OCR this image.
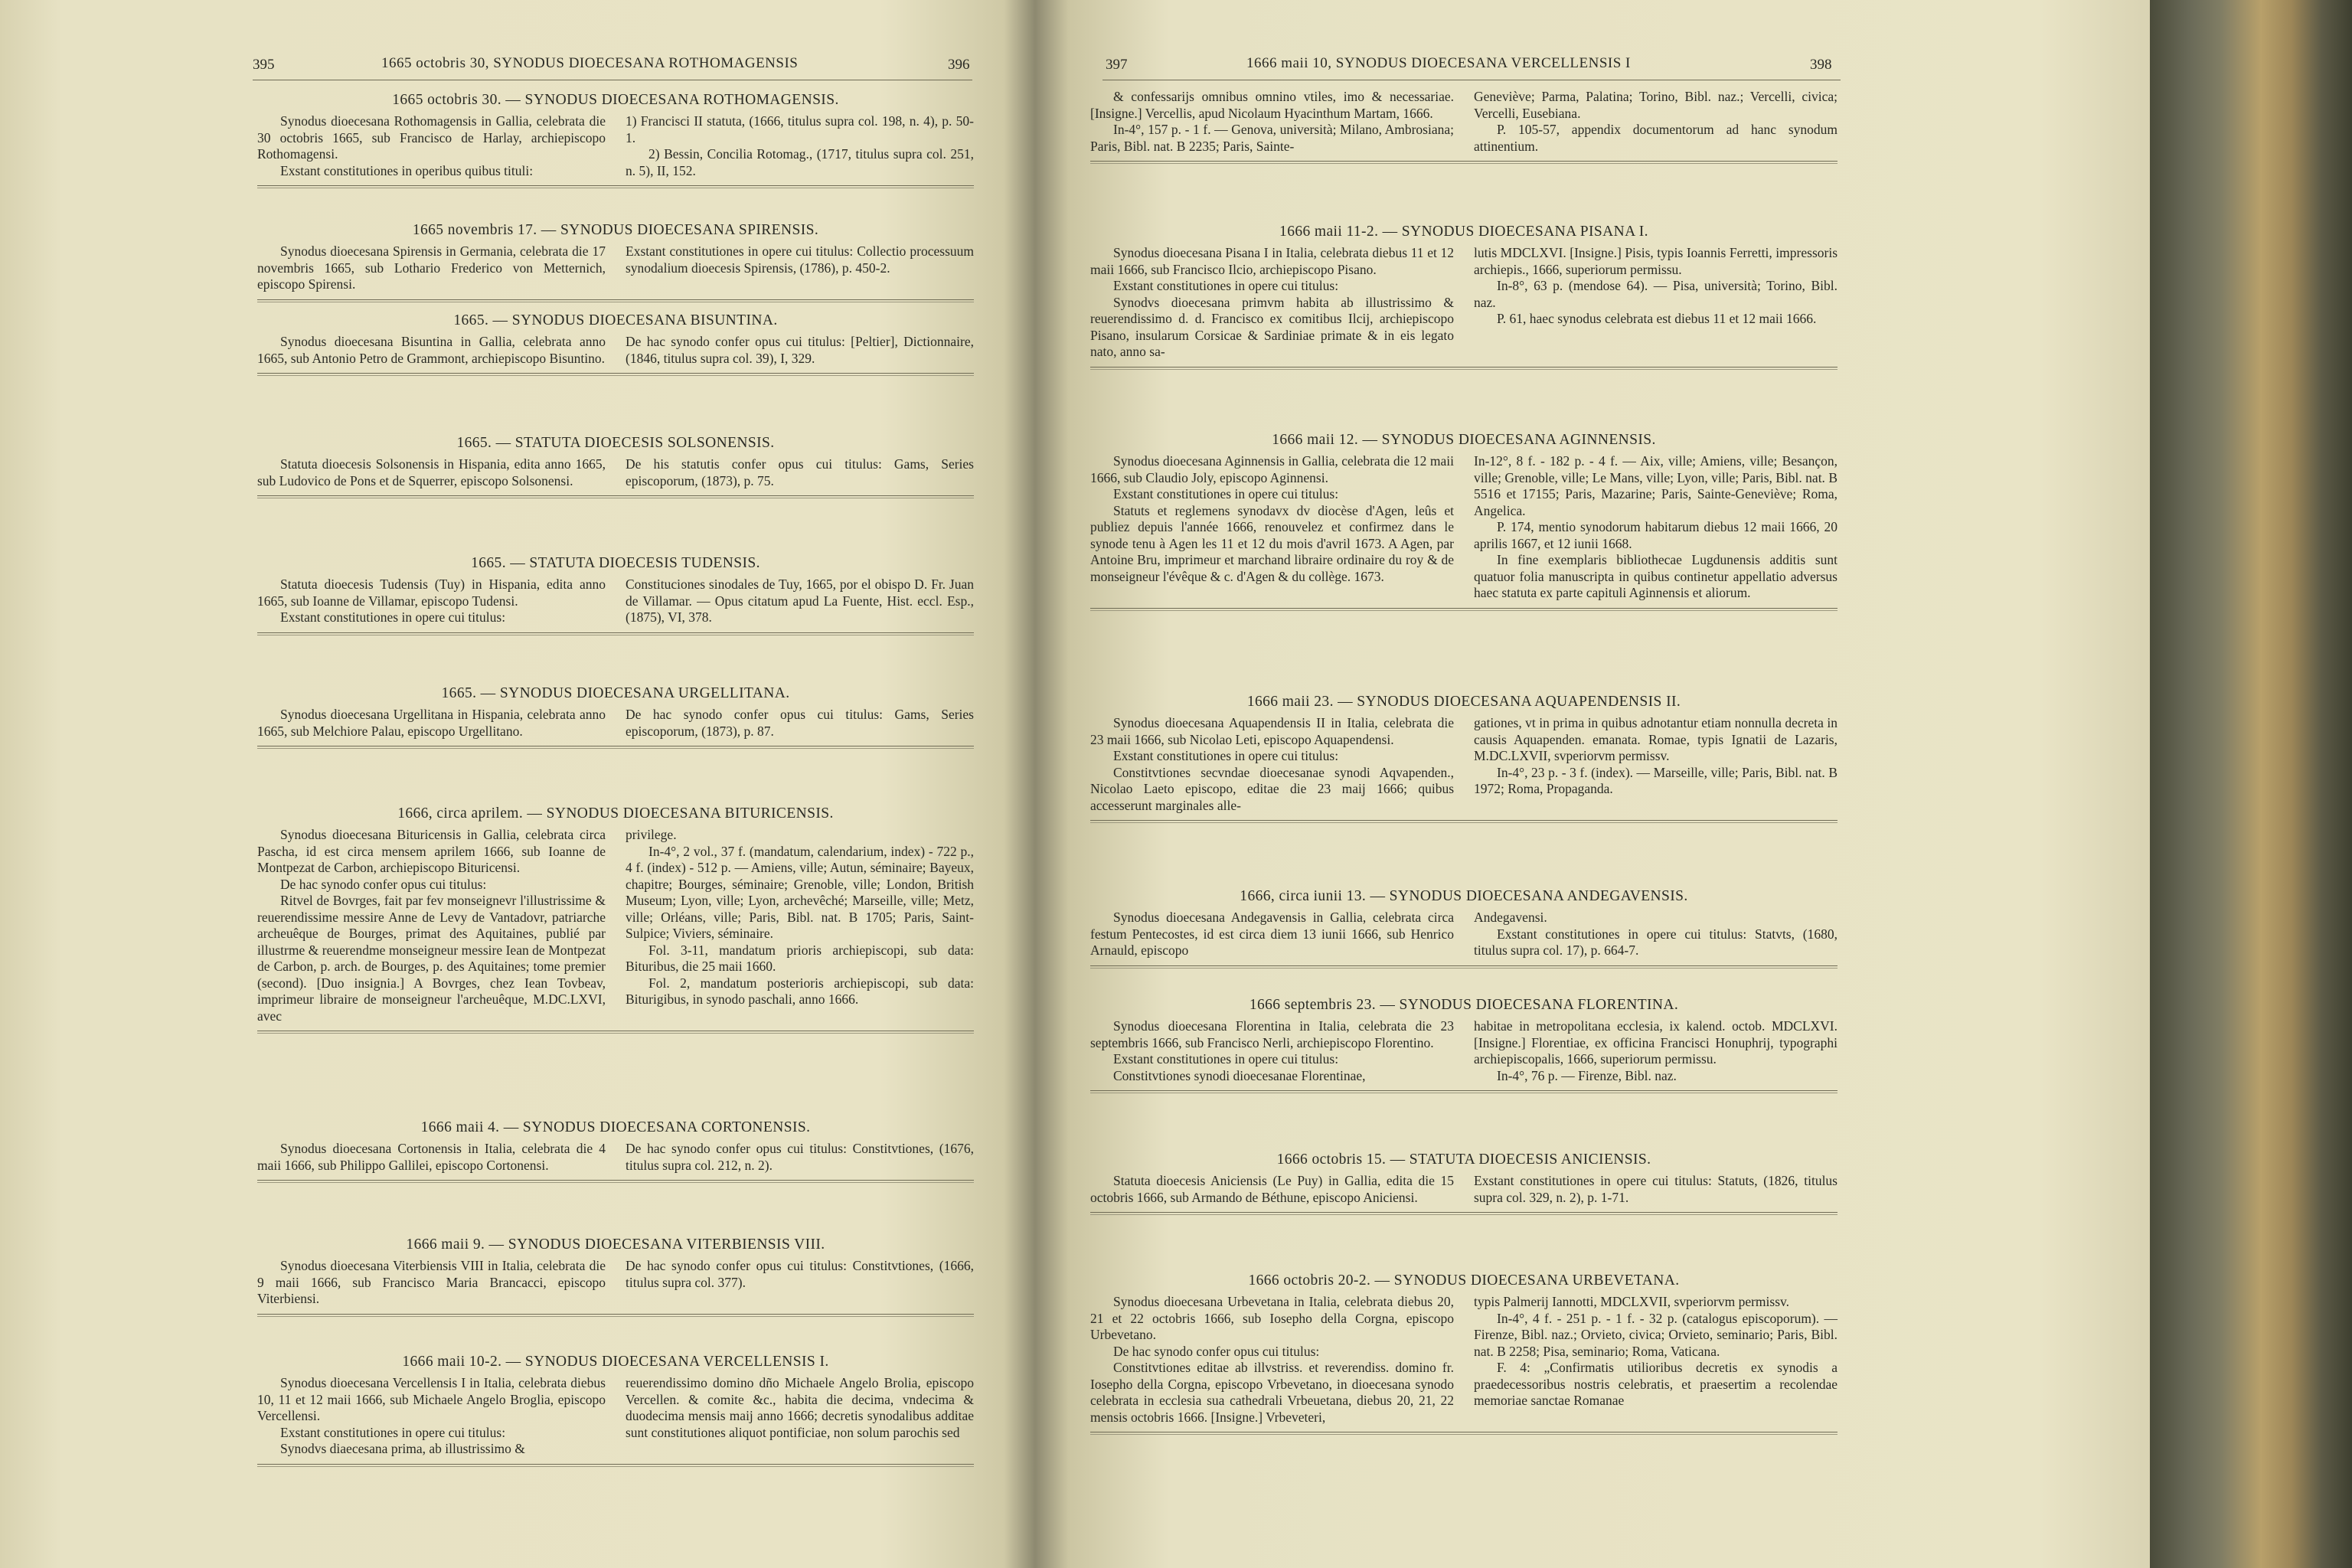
395	1665 octobris 30, SYNODUS DIOECESANA ROTHOMAGENSIS	396
1665 octobris 30. — SYNODUS DIOECESANA ROTHOMAGENSIS.

Synodus dioecesana Rothomagensis in Gallia, celebrata die 30 octobris 1665, sub Francisco de Harlay, archiepiscopo Rothomagensi.

Exstant constitutiones in operibus quibus tituli:

1) Francisci II statuta, (1666, titulus supra col. 198, n. 4), p. 50-1.

2) Bessin, Concilia Rotomag., (1717, titulus supra col. 251, n. 5), II, 152.

1665 novembris 17. — SYNODUS DIOECESANA SPIRENSIS.

Synodus dioecesana Spirensis in Germania, celebrata die 17 novembris 1665, sub Lothario Frederico von Metternich, episcopo Spirensi.

Exstant constitutiones in opere cui titulus: Collectio processuum synodalium dioecesis Spirensis, (1786), p. 450-2.

1665. — SYNODUS DIOECESANA BISUNTINA.

Synodus dioecesana Bisuntina in Gallia, celebrata anno 1665, sub Antonio Petro de Grammont, archiepiscopo Bisuntino.

De hac synodo confer opus cui titulus: [Peltier], Dictionnaire, (1846, titulus supra col. 39), I, 329.

1665. — STATUTA DIOECESIS SOLSONENSIS.

Statuta dioecesis Solsonensis in Hispania, edita anno 1665, sub Ludovico de Pons et de Squerrer, episcopo Solsonensi.

De his statutis confer opus cui titulus: Gams, Series episcoporum, (1873), p. 75.

1665. — STATUTA DIOECESIS TUDENSIS.

Statuta dioecesis Tudensis (Tuy) in Hispania, edita anno 1665, sub Ioanne de Villamar, episcopo Tudensi.

Exstant constitutiones in opere cui titulus:

Constituciones sinodales de Tuy, 1665, por el obispo D. Fr. Juan de Villamar. — Opus citatum apud La Fuente, Hist. eccl. Esp., (1875), VI, 378.

1665. — SYNODUS DIOECESANA URGELLITANA.

Synodus dioecesana Urgellitana in Hispania, celebrata anno 1665, sub Melchiore Palau, episcopo Urgellitano.

De hac synodo confer opus cui titulus: Gams, Series episcoporum, (1873), p. 87.

1666, circa aprilem. — SYNODUS DIOECESANA BITURICENSIS.

Synodus dioecesana Bituricensis in Gallia, celebrata circa Pascha, id est circa mensem aprilem 1666, sub Ioanne de Montpezat de Carbon, archiepiscopo Bituricensi.

De hac synodo confer opus cui titulus:

Ritvel de Bovrges, fait par fev monseignevr l'illustrissime & reuerendissime messire Anne de Levy de Vantadovr, patriarche archeuêque de Bourges, primat des Aquitaines, publié par illustrme & reuerendme monseigneur messire Iean de Montpezat de Carbon, p. arch. de Bourges, p. des Aquitaines; tome premier (second). [Duo insignia.] A Bovrges, chez Iean Tovbeav, imprimeur libraire de monseigneur l'archeuêque, M.DC.LXVI, avec

privilege.

In-4°, 2 vol., 37 f. (mandatum, calendarium, index) - 722 p., 4 f. (index) - 512 p. — Amiens, ville; Autun, séminaire; Bayeux, chapitre; Bourges, séminaire; Grenoble, ville; London, British Museum; Lyon, ville; Lyon, archevêché; Marseille, ville; Metz, ville; Orléans, ville; Paris, Bibl. nat. B 1705; Paris, Saint-Sulpice; Viviers, séminaire.

Fol. 3-11, mandatum prioris archiepiscopi, sub data: Bituribus, die 25 maii 1660.

Fol. 2, mandatum posterioris archiepiscopi, sub data: Biturigibus, in synodo paschali, anno 1666.

1666 maii 4. — SYNODUS DIOECESANA CORTONENSIS.

Synodus dioecesana Cortonensis in Italia, celebrata die 4 maii 1666, sub Philippo Gallilei, episcopo Cortonensi.

De hac synodo confer opus cui titulus: Constitvtiones, (1676, titulus supra col. 212, n. 2).

1666 maii 9. — SYNODUS DIOECESANA VITERBIENSIS VIII.

Synodus dioecesana Viterbiensis VIII in Italia, celebrata die 9 maii 1666, sub Francisco Maria Brancacci, episcopo Viterbiensi.

De hac synodo confer opus cui titulus: Constitvtiones, (1666, titulus supra col. 377).

1666 maii 10-2. — SYNODUS DIOECESANA VERCELLENSIS I.

Synodus dioecesana Vercellensis I in Italia, celebrata diebus 10, 11 et 12 maii 1666, sub Michaele Angelo Broglia, episcopo Vercellensi.

Exstant constitutiones in opere cui titulus:

Synodvs diaecesana prima, ab illustrissimo &

reuerendissimo domino dño Michaele Angelo Brolia, episcopo Vercellen. & comite &c., habita die decima, vndecima & duodecima mensis maij anno 1666; decretis synodalibus additae sunt constitutiones aliquot pontificiae, non solum parochis sed

397	1666 maii 10, SYNODUS DIOECESANA VERCELLENSIS I	398

& confessarijs omnibus omnino vtiles, imo & necessariae. [Insigne.] Vercellis, apud Nicolaum Hyacinthum Martam, 1666.

In-4°, 157 p. - 1 f. — Genova, università; Milano, Ambrosiana; Paris, Bibl. nat. B 2235; Paris, Sainte-

Geneviève; Parma, Palatina; Torino, Bibl. naz.; Vercelli, civica; Vercelli, Eusebiana.

P. 105-57, appendix documentorum ad hanc synodum attinentium.

1666 maii 11-2. — SYNODUS DIOECESANA PISANA I.

Synodus dioecesana Pisana I in Italia, celebrata diebus 11 et 12 maii 1666, sub Francisco Ilcio, archiepiscopo Pisano.

Exstant constitutiones in opere cui titulus:

Synodvs dioecesana primvm habita ab illustrissimo & reuerendissimo d. d. Francisco ex comitibus Ilcij, archiepiscopo Pisano, insularum Corsicae & Sardiniae primate & in eis legato nato, anno sa-

lutis MDCLXVI. [Insigne.] Pisis, typis Ioannis Ferretti, impressoris archiepis., 1666, superiorum permissu.

In-8°, 63 p. (mendose 64). — Pisa, università; Torino, Bibl. naz.

P. 61, haec synodus celebrata est diebus 11 et 12 maii 1666.

1666 maii 12. — SYNODUS DIOECESANA AGINNENSIS.

Synodus dioecesana Aginnensis in Gallia, celebrata die 12 maii 1666, sub Claudio Joly, episcopo Aginnensi.

Exstant constitutiones in opere cui titulus:

Statuts et reglemens synodavx dv diocèse d'Agen, leûs et publiez depuis l'année 1666, renouvelez et confirmez dans le synode tenu à Agen les 11 et 12 du mois d'avril 1673. A Agen, par Antoine Bru, imprimeur et marchand libraire ordinaire du roy & de monseigneur l'évêque & c. d'Agen & du collège. 1673.

In-12°, 8 f. - 182 p. - 4 f. — Aix, ville; Amiens, ville; Besançon, ville; Grenoble, ville; Le Mans, ville; Lyon, ville; Paris, Bibl. nat. B 5516 et 17155; Paris, Mazarine; Paris, Sainte-Geneviève; Roma, Angelica.

P. 174, mentio synodorum habitarum diebus 12 maii 1666, 20 aprilis 1667, et 12 iunii 1668.

In fine exemplaris bibliothecae Lugdunensis additis sunt quatuor folia manuscripta in quibus continetur appellatio adversus haec statuta ex parte capituli Aginnensis et aliorum.

1666 maii 23. — SYNODUS DIOECESANA AQUAPENDENSIS II.

Synodus dioecesana Aquapendensis II in Italia, celebrata die 23 maii 1666, sub Nicolao Leti, episcopo Aquapendensi.

Exstant constitutiones in opere cui titulus:

Constitvtiones secvndae dioecesanae synodi Aqvapenden., Nicolao Laeto episcopo, editae die 23 maij 1666; quibus accesserunt marginales alle-

gationes, vt in prima in quibus adnotantur etiam nonnulla decreta in causis Aquapenden. emanata. Romae, typis Ignatii de Lazaris, M.DC.LXVII, svperiorvm permissv.

In-4°, 23 p. - 3 f. (index). — Marseille, ville; Paris, Bibl. nat. B 1972; Roma, Propaganda.

1666, circa iunii 13. — SYNODUS DIOECESANA ANDEGAVENSIS.

Synodus dioecesana Andegavensis in Gallia, celebrata circa festum Pentecostes, id est circa diem 13 iunii 1666, sub Henrico Arnauld, episcopo

Andegavensi.

Exstant constitutiones in opere cui titulus: Statvts, (1680, titulus supra col. 17), p. 664-7.

1666 septembris 23. — SYNODUS DIOECESANA FLORENTINA.

Synodus dioecesana Florentina in Italia, celebrata die 23 septembris 1666, sub Francisco Nerli, archiepiscopo Florentino.

Exstant constitutiones in opere cui titulus:

Constitvtiones synodi dioecesanae Florentinae,

habitae in metropolitana ecclesia, ix kalend. octob. MDCLXVI. [Insigne.] Florentiae, ex officina Francisci Honuphrij, typographi archiepiscopalis, 1666, superiorum permissu.

In-4°, 76 p. — Firenze, Bibl. naz.

1666 octobris 15. — STATUTA DIOECESIS ANICIENSIS.

Statuta dioecesis Aniciensis (Le Puy) in Gallia, edita die 15 octobris 1666, sub Armando de Béthune, episcopo Aniciensi.

Exstant constitutiones in opere cui titulus: Statuts, (1826, titulus supra col. 329, n. 2), p. 1-71.

1666 octobris 20-2. — SYNODUS DIOECESANA URBEVETANA.

Synodus dioecesana Urbevetana in Italia, celebrata diebus 20, 21 et 22 octobris 1666, sub Iosepho della Corgna, episcopo Urbevetano.

De hac synodo confer opus cui titulus:

Constitvtiones editae ab illvstriss. et reverendiss. domino fr. Iosepho della Corgna, episcopo Vrbevetano, in dioecesana synodo celebrata in ecclesia sua cathedrali Vrbeuetana, diebus 20, 21, 22 mensis octobris 1666. [Insigne.] Vrbeveteri,

typis Palmerij Iannotti, MDCLXVII, svperiorvm permissv.

In-4°, 4 f. - 251 p. - 1 f. - 32 p. (catalogus episcoporum). — Firenze, Bibl. naz.; Orvieto, civica; Orvieto, seminario; Paris, Bibl. nat. B 2258; Pisa, seminario; Roma, Vaticana.

F. 4: „Confirmatis utilioribus decretis ex synodis a praedecessoribus nostris celebratis, et praesertim a recolendae memoriae sanctae Romanae
